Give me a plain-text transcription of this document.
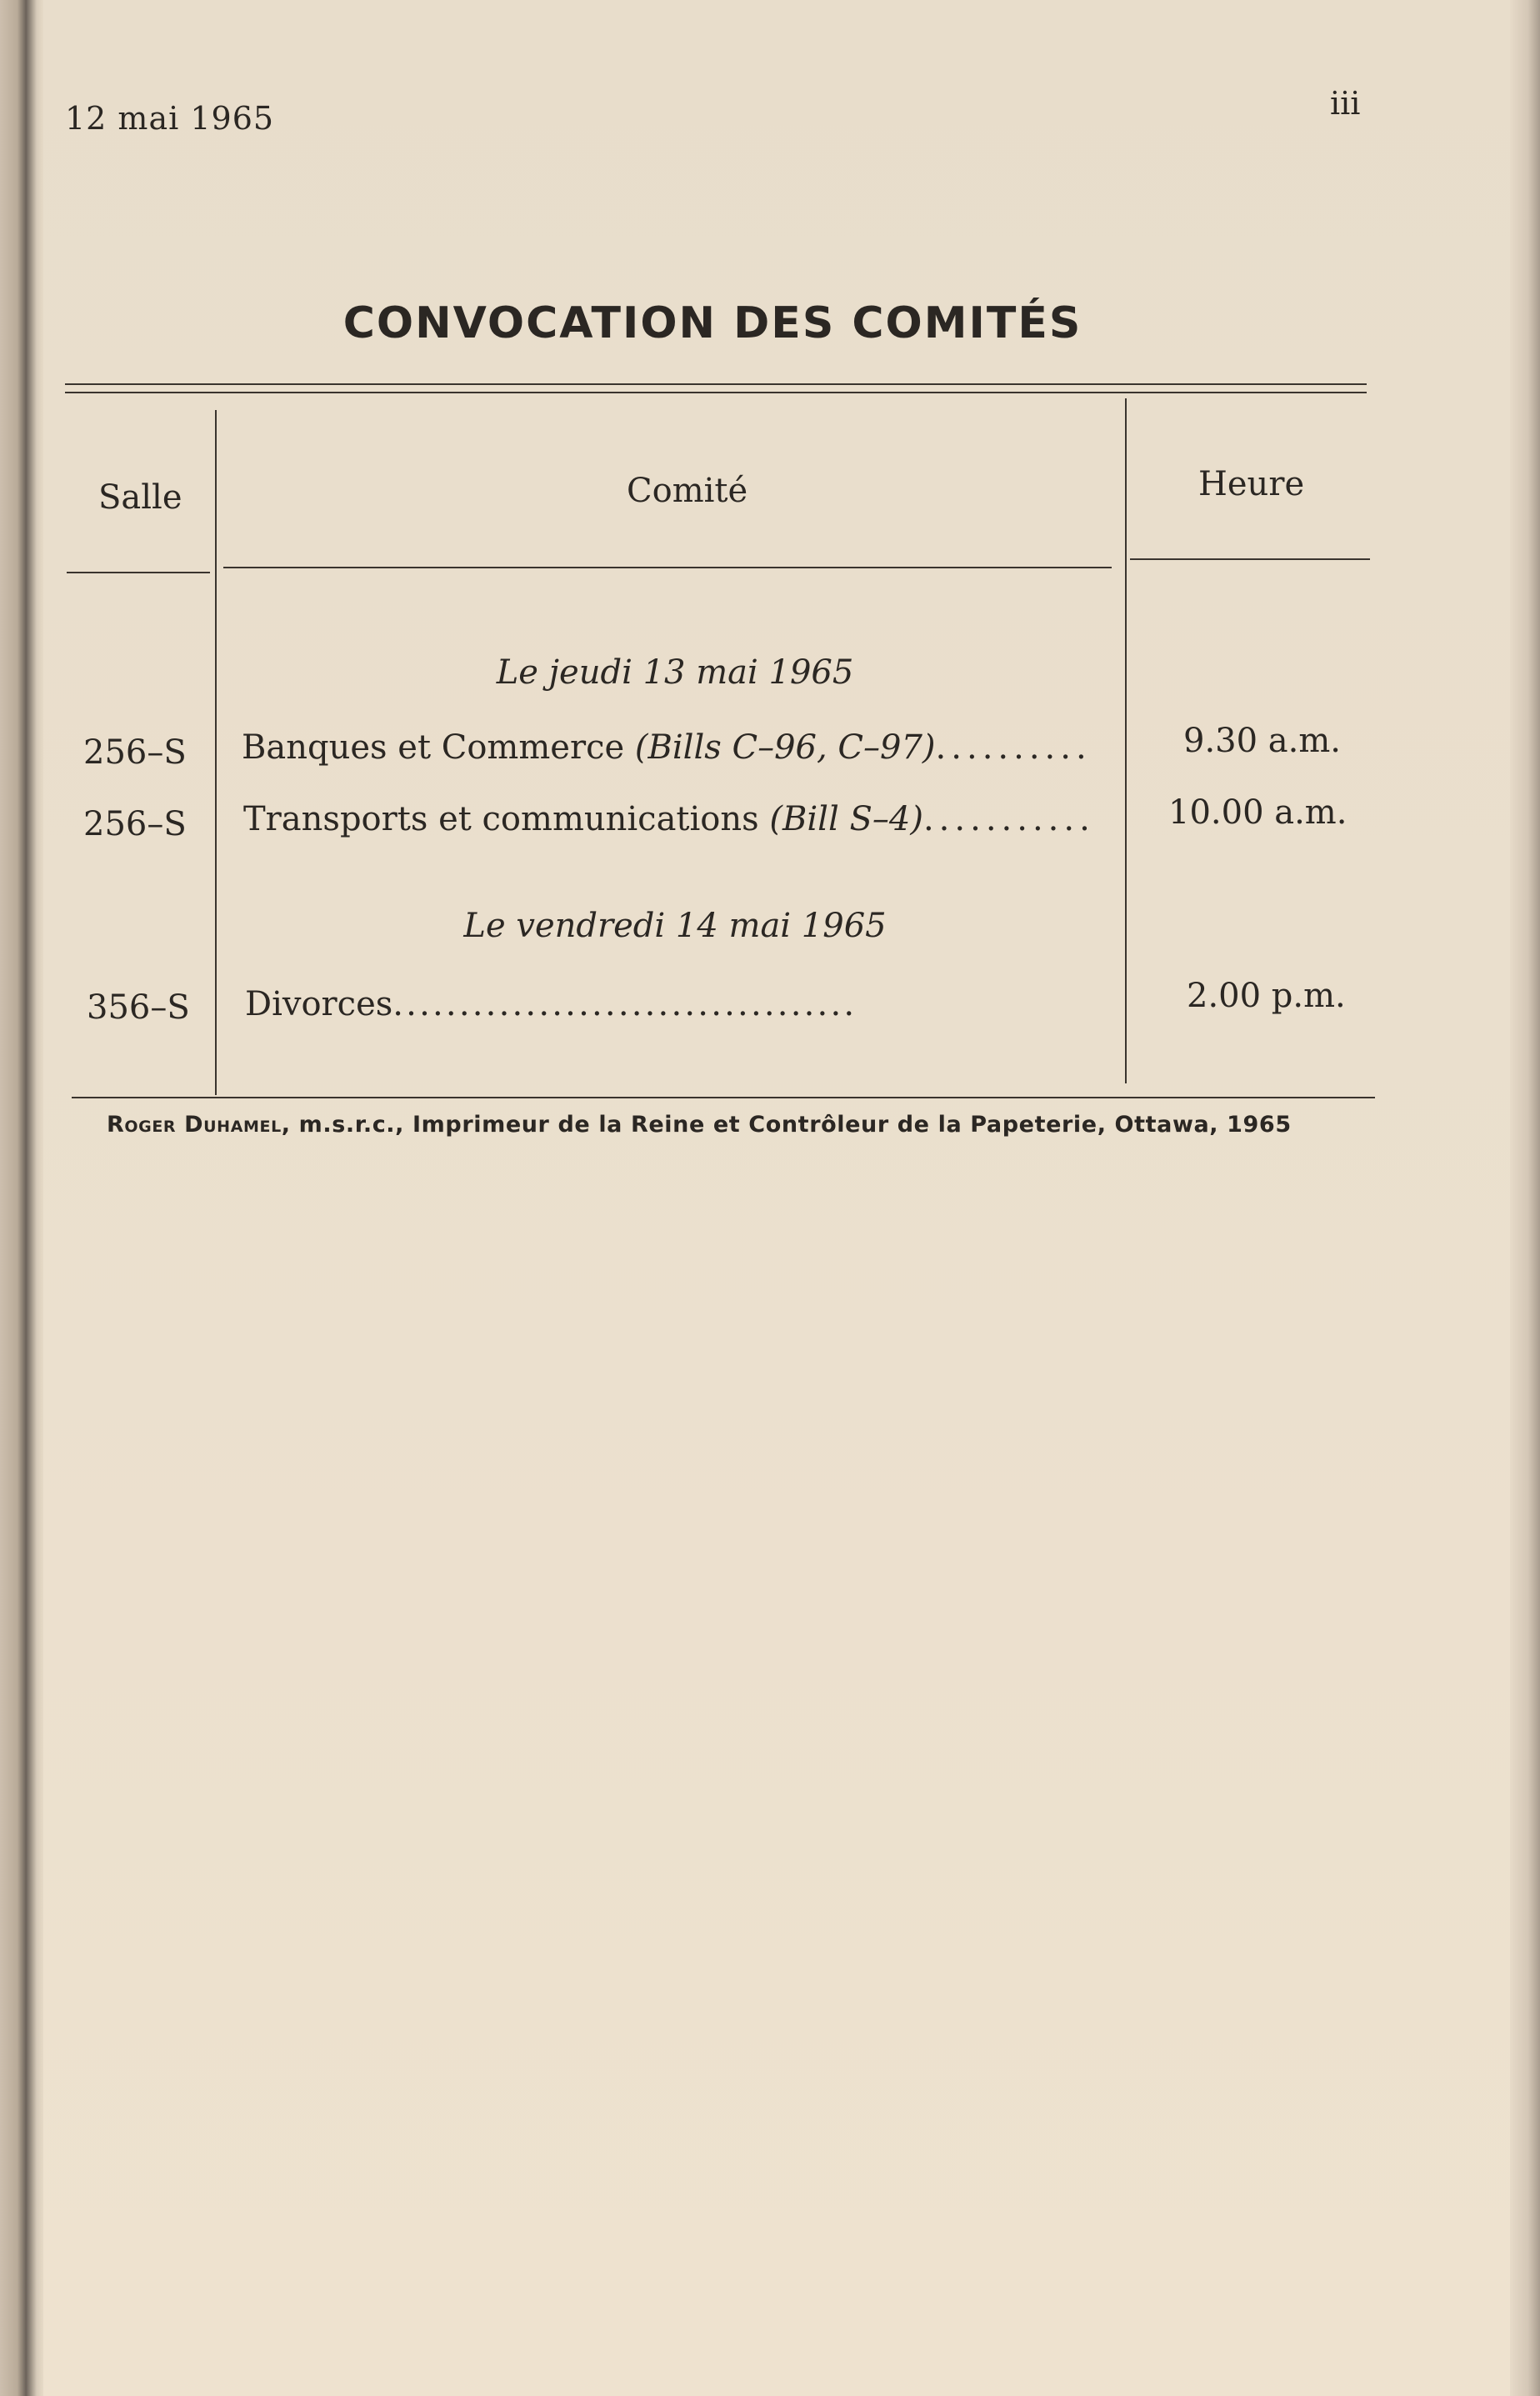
12 mai 1965	iii
CONVOCATION DES COMITÉS
Salle	Comité	Heure
Le jeudi 13 mai 1965
256–S Banques et Commerce (Bills C–96, C–97)..........	9.30 a.m.
256–S Transports et communications (Bill S–4)........... 10.00 a.m.
Le vendredi 14 mai 1965
356–S Divorces...................................	2.00 p.m.
Roger Duhamel, m.s.r.c., Imprimeur de la Reine et Contrôleur de la Papeterie, Ottawa, 1965
